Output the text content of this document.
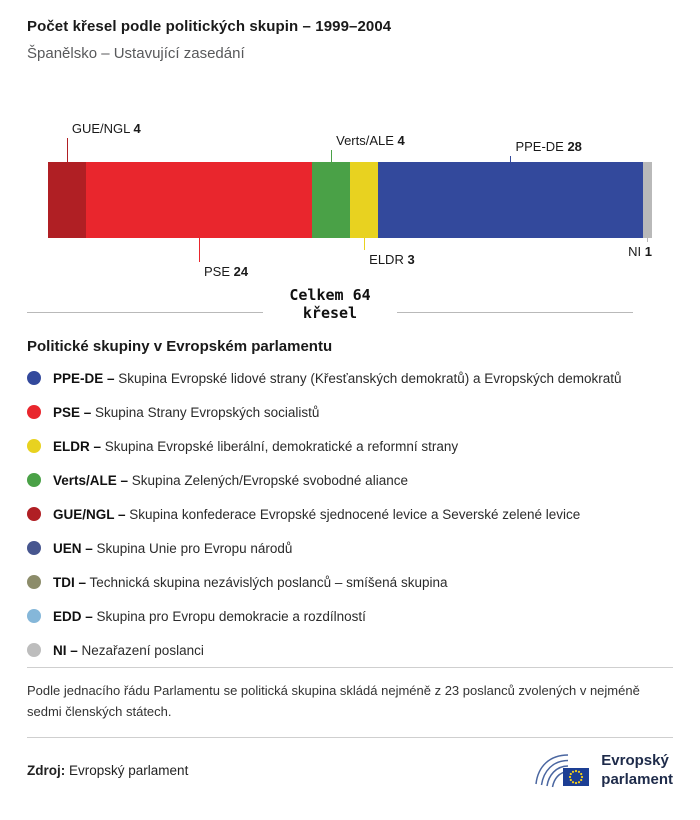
Počet křesel podle politických skupin – 1999–2004
Španělsko – Ustavující zasedání
GUE/NGL 4
PSE 24
Verts/ALE 4
ELDR 3
PPE-DE 28
NI 1
Celkem 64
křesel
Politické skupiny v Evropském parlamentu
PPE-DE – Skupina Evropské lidové strany (Křesťanských demokratů) a Evropských demokratů
PSE – Skupina Strany Evropských socialistů
ELDR – Skupina Evropské liberální, demokratické a reformní strany
Verts/ALE – Skupina Zelených/Evropské svobodné aliance
GUE/NGL – Skupina konfederace Evropské sjednocené levice a Severské zelené levice
UEN – Skupina Unie pro Evropu národů
TDI – Technická skupina nezávislých poslanců – smíšená skupina
EDD – Skupina pro Evropu demokracie a rozdílností
NI – Nezařazení poslanci

Podle jednacího řádu Parlamentu se politická skupina skládá nejméně z 23 poslanců zvolených v nejméně sedmi členských státech.

Zdroj: Evropský parlament
Evropský
parlament
